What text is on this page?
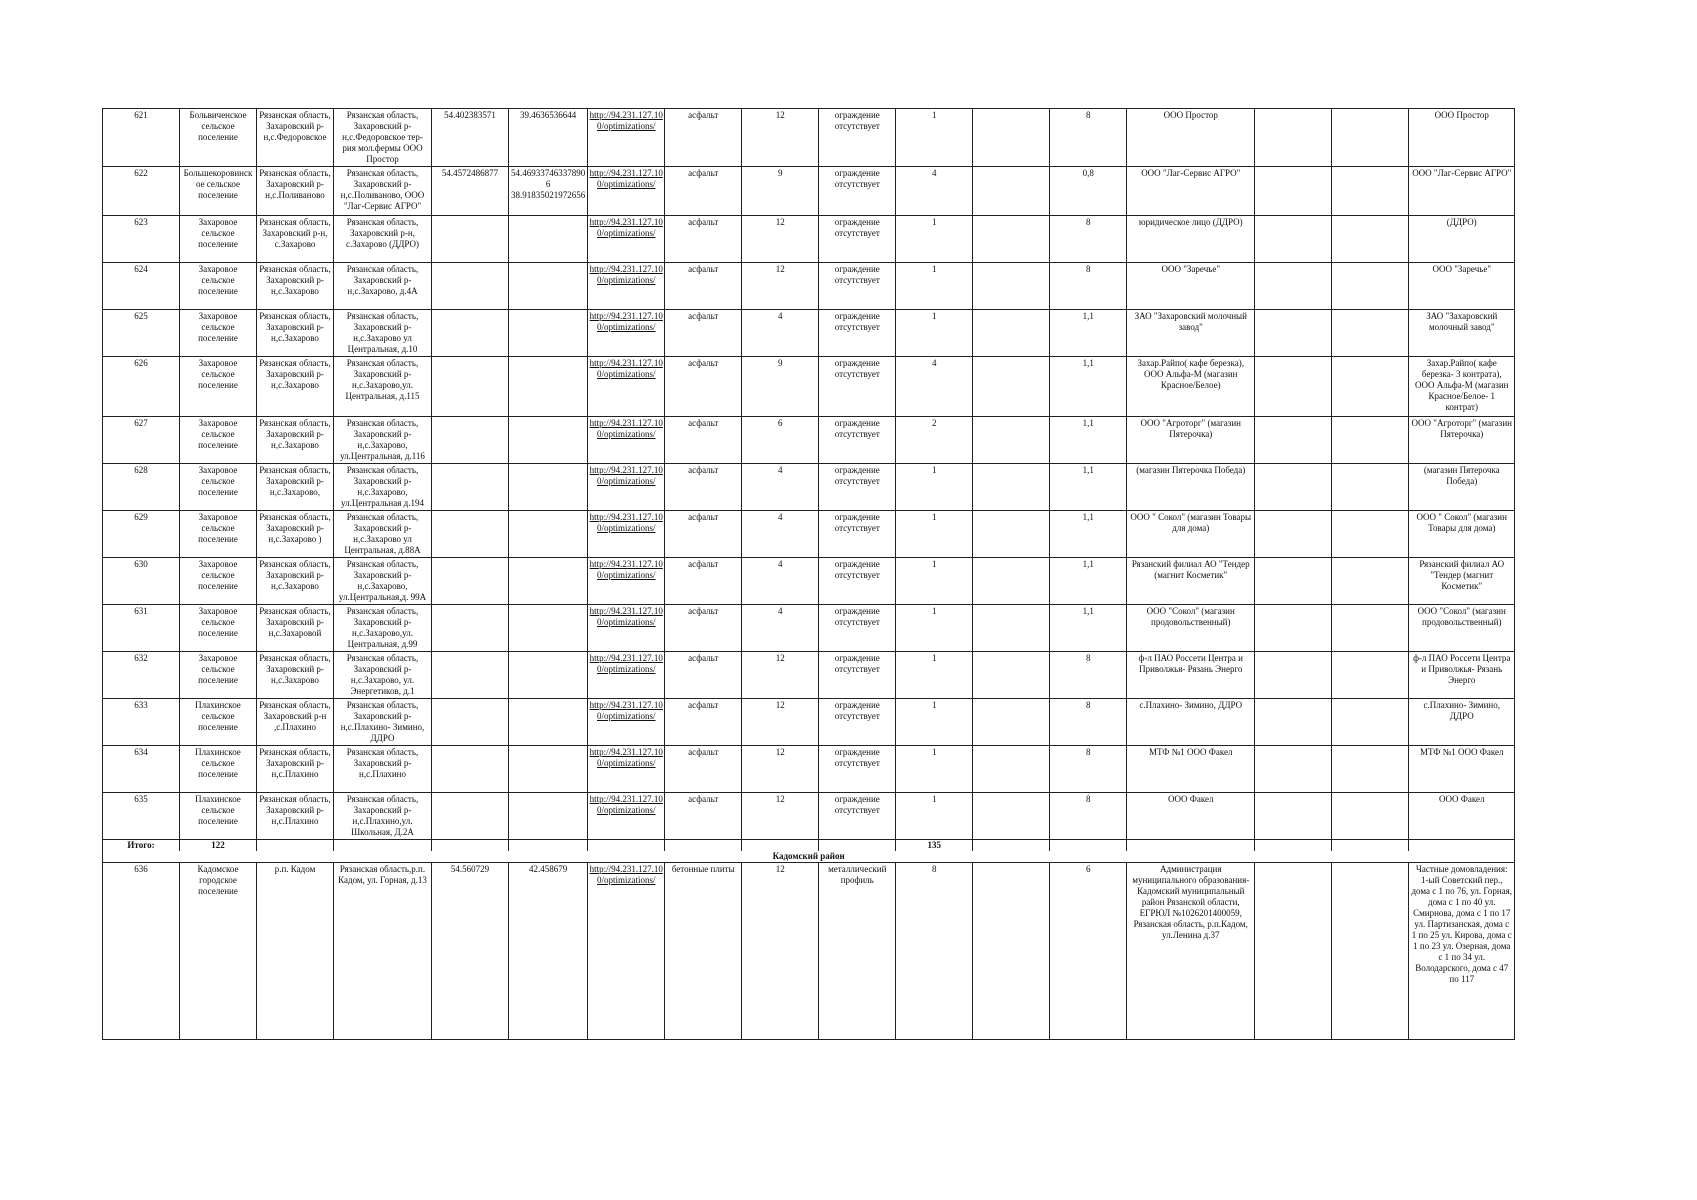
621	Больвиченское сельское поселение	Рязанская область, Захаровский р-н,с.Федоровское	Рязанская область, Захаровский р-н,с.Федоровское тер-рия мол.фермы ООО Простор	54.402383571	39.4636536644	http://94.231.127.10 0/optimizations/	асфальт	12	ограждение отсутствует	1		8	ООО Простор			ООО Простор
622	Большекоровинск ое сельское поселение	Рязанская область, Захаровский р-н,с.Поливаново	Рязанская область, Захаровский р-н,с.Поливаново, ООО "Лаг-Сервис АГРО"	54.4572486877	54.46933746337890 6 38.91835021972656	http://94.231.127.10 0/optimizations/	асфальт	9	ограждение отсутствует	4		0,8	ООО "Лаг-Сервис АГРО"			ООО "Лаг-Сервис АГРО"
623	Захаровое сельское поселение	Рязанская область, Захаровский р-н, с.Захарово	Рязанская область, Захаровский р-н, с.Захарово (ДДРО)			http://94.231.127.10 0/optimizations/	асфальт	12	ограждение отсутствует	1		8	юридическое лицо (ДДРО)			(ДДРО)
624	Захаровое сельское поселение	Рязанская область, Захаровский р-н,с.Захарово	Рязанская область, Захаровский р-н,с.Захарово, д.4А			http://94.231.127.10 0/optimizations/	асфальт	12	ограждение отсутствует	1		8	ООО "Заречье"			ООО "Заречье"
625	Захаровое сельское поселение	Рязанская область, Захаровский р-н,с.Захарово	Рязанская область, Захаровский р-н,с.Захарово ул Центральная, д.10			http://94.231.127.10 0/optimizations/	асфальт	4	ограждение отсутствует	1		1,1	ЗАО "Захаровский молочный завод"			ЗАО "Захаровский молочный завод"
626	Захаровое сельское поселение	Рязанская область, Захаровский р-н,с.Захарово	Рязанская область, Захаровский р-н,с.Захарово,ул. Центральная, д.115			http://94.231.127.10 0/optimizations/	асфальт	9	ограждение отсутствует	4		1,1	Захар.Райпо( кафе березка), ООО Альфа-М (магазин Красное/Белое)			Захар.Райпо( кафе березка- 3 контрата), ООО Альфа-М (магазин Красное/Белое- 1 контрат)
627	Захаровое сельское поселение	Рязанская область, Захаровский р-н,с.Захарово	Рязанская область, Захаровский р-н,с.Захарово, ул.Центральная, д.116			http://94.231.127.10 0/optimizations/	асфальт	6	ограждение отсутствует	2		1,1	ООО "Агроторг" (магазин Пятерочка)			ООО "Агроторг" (магазин Пятерочка)
628	Захаровое сельское поселение	Рязанская область, Захаровский р-н,с.Захарово,	Рязанская область, Захаровский р-н,с.Захарово, ул.Центральная д.194			http://94.231.127.10 0/optimizations/	асфальт	4	ограждение отсутствует	1		1,1	(магазин Пятерочка Победа)			(магазин Пятерочка Победа)
629	Захаровое сельское поселение	Рязанская область, Захаровский р-н,с.Захарово )	Рязанская область, Захаровский р-н,с.Захарово ул Центральная, д.88А			http://94.231.127.10 0/optimizations/	асфальт	4	ограждение отсутствует	1		1,1	ООО " Сокол" (магазин Товары для дома)			ООО " Сокол" (магазин Товары для дома)
630	Захаровое сельское поселение	Рязанская область, Захаровский р-н,с.Захарово	Рязанская область, Захаровский р-н,с.Захарово, ул.Центральная,д. 99А			http://94.231.127.10 0/optimizations/	асфальт	4	ограждение отсутствует	1		1,1	Рязанский филиал АО "Тендер (магнит Косметик"			Рязанский филиал АО "Тендер (магнит Косметик"
631	Захаровое сельское поселение	Рязанская область, Захаровский р-н,с.Захаровой	Рязанская область, Захаровский р-н,с.Захарово,ул. Центральная, д.99			http://94.231.127.10 0/optimizations/	асфальт	4	ограждение отсутствует	1		1,1	ООО "Сокол" (магазин продовольственный)			ООО "Сокол" (магазин продовольственный)
632	Захаровое сельское поселение	Рязанская область, Захаровский р-н,с.Захарово	Рязанская область, Захаровский р-н,с.Захарово, ул. Энергетиков, д.1			http://94.231.127.10 0/optimizations/	асфальт	12	ограждение отсутствует	1		8	ф-л ПАО Россети Центра и Приволжья- Рязань Энерго			ф-л ПАО Россети Центра и Приволжья- Рязань Энерго
633	Плахинское сельское поселение	Рязанская область, Захаровский р-н ,с.Плахино	Рязанская область, Захаровский р-н,с.Плахино- Зимино, ДДРО			http://94.231.127.10 0/optimizations/	асфальт	12	ограждение отсутствует	1		8	с.Плахино- Зимино, ДДРО			с.Плахино- Зимино, ДДРО
634	Плахинское сельское поселение	Рязанская область, Захаровский р-н,с.Плахино	Рязанская область, Захаровский р-н,с.Плахино			http://94.231.127.10 0/optimizations/	асфальт	12	ограждение отсутствует	1		8	МТФ №1 ООО Факел			МТФ №1 ООО Факел
635	Плахинское сельское поселение	Рязанская область, Захаровский р-н,с.Плахино	Рязанская область, Захаровский р-н,с.Плахино,ул. Школьная, Д.2А			http://94.231.127.10 0/optimizations/	асфальт	12	ограждение отсутствует	1		8	ООО Факел			ООО Факел
Итого:	122									135						
Кадомский район																
636	Кадомское городское поселение	р.п. Кадом	Рязанская область,р.п. Кадом, ул. Горная, д.13	54.560729	42.458679	http://94.231.127.10 0/optimizations/	бетонные плиты	12	металлический профиль	8		6	Администрация муниципального образования- Кадомский муниципальный район Рязанской области, ЕГРЮЛ №1026201400059, Рязанская область, р.п.Кадом, ул.Ленина д.37			Частные домовладения: 1-ый Советский пер., дома с 1 по 76, ул. Горная, дома с 1 по 40 ул. Смирнова, дома с 1 по 17 ул. Партизанская, дома с 1 по 25 ул. Кирова, дома с 1 по 23 ул. Озерная, дома с 1 по 34 ул. Володарского, дома с 47 по 117
